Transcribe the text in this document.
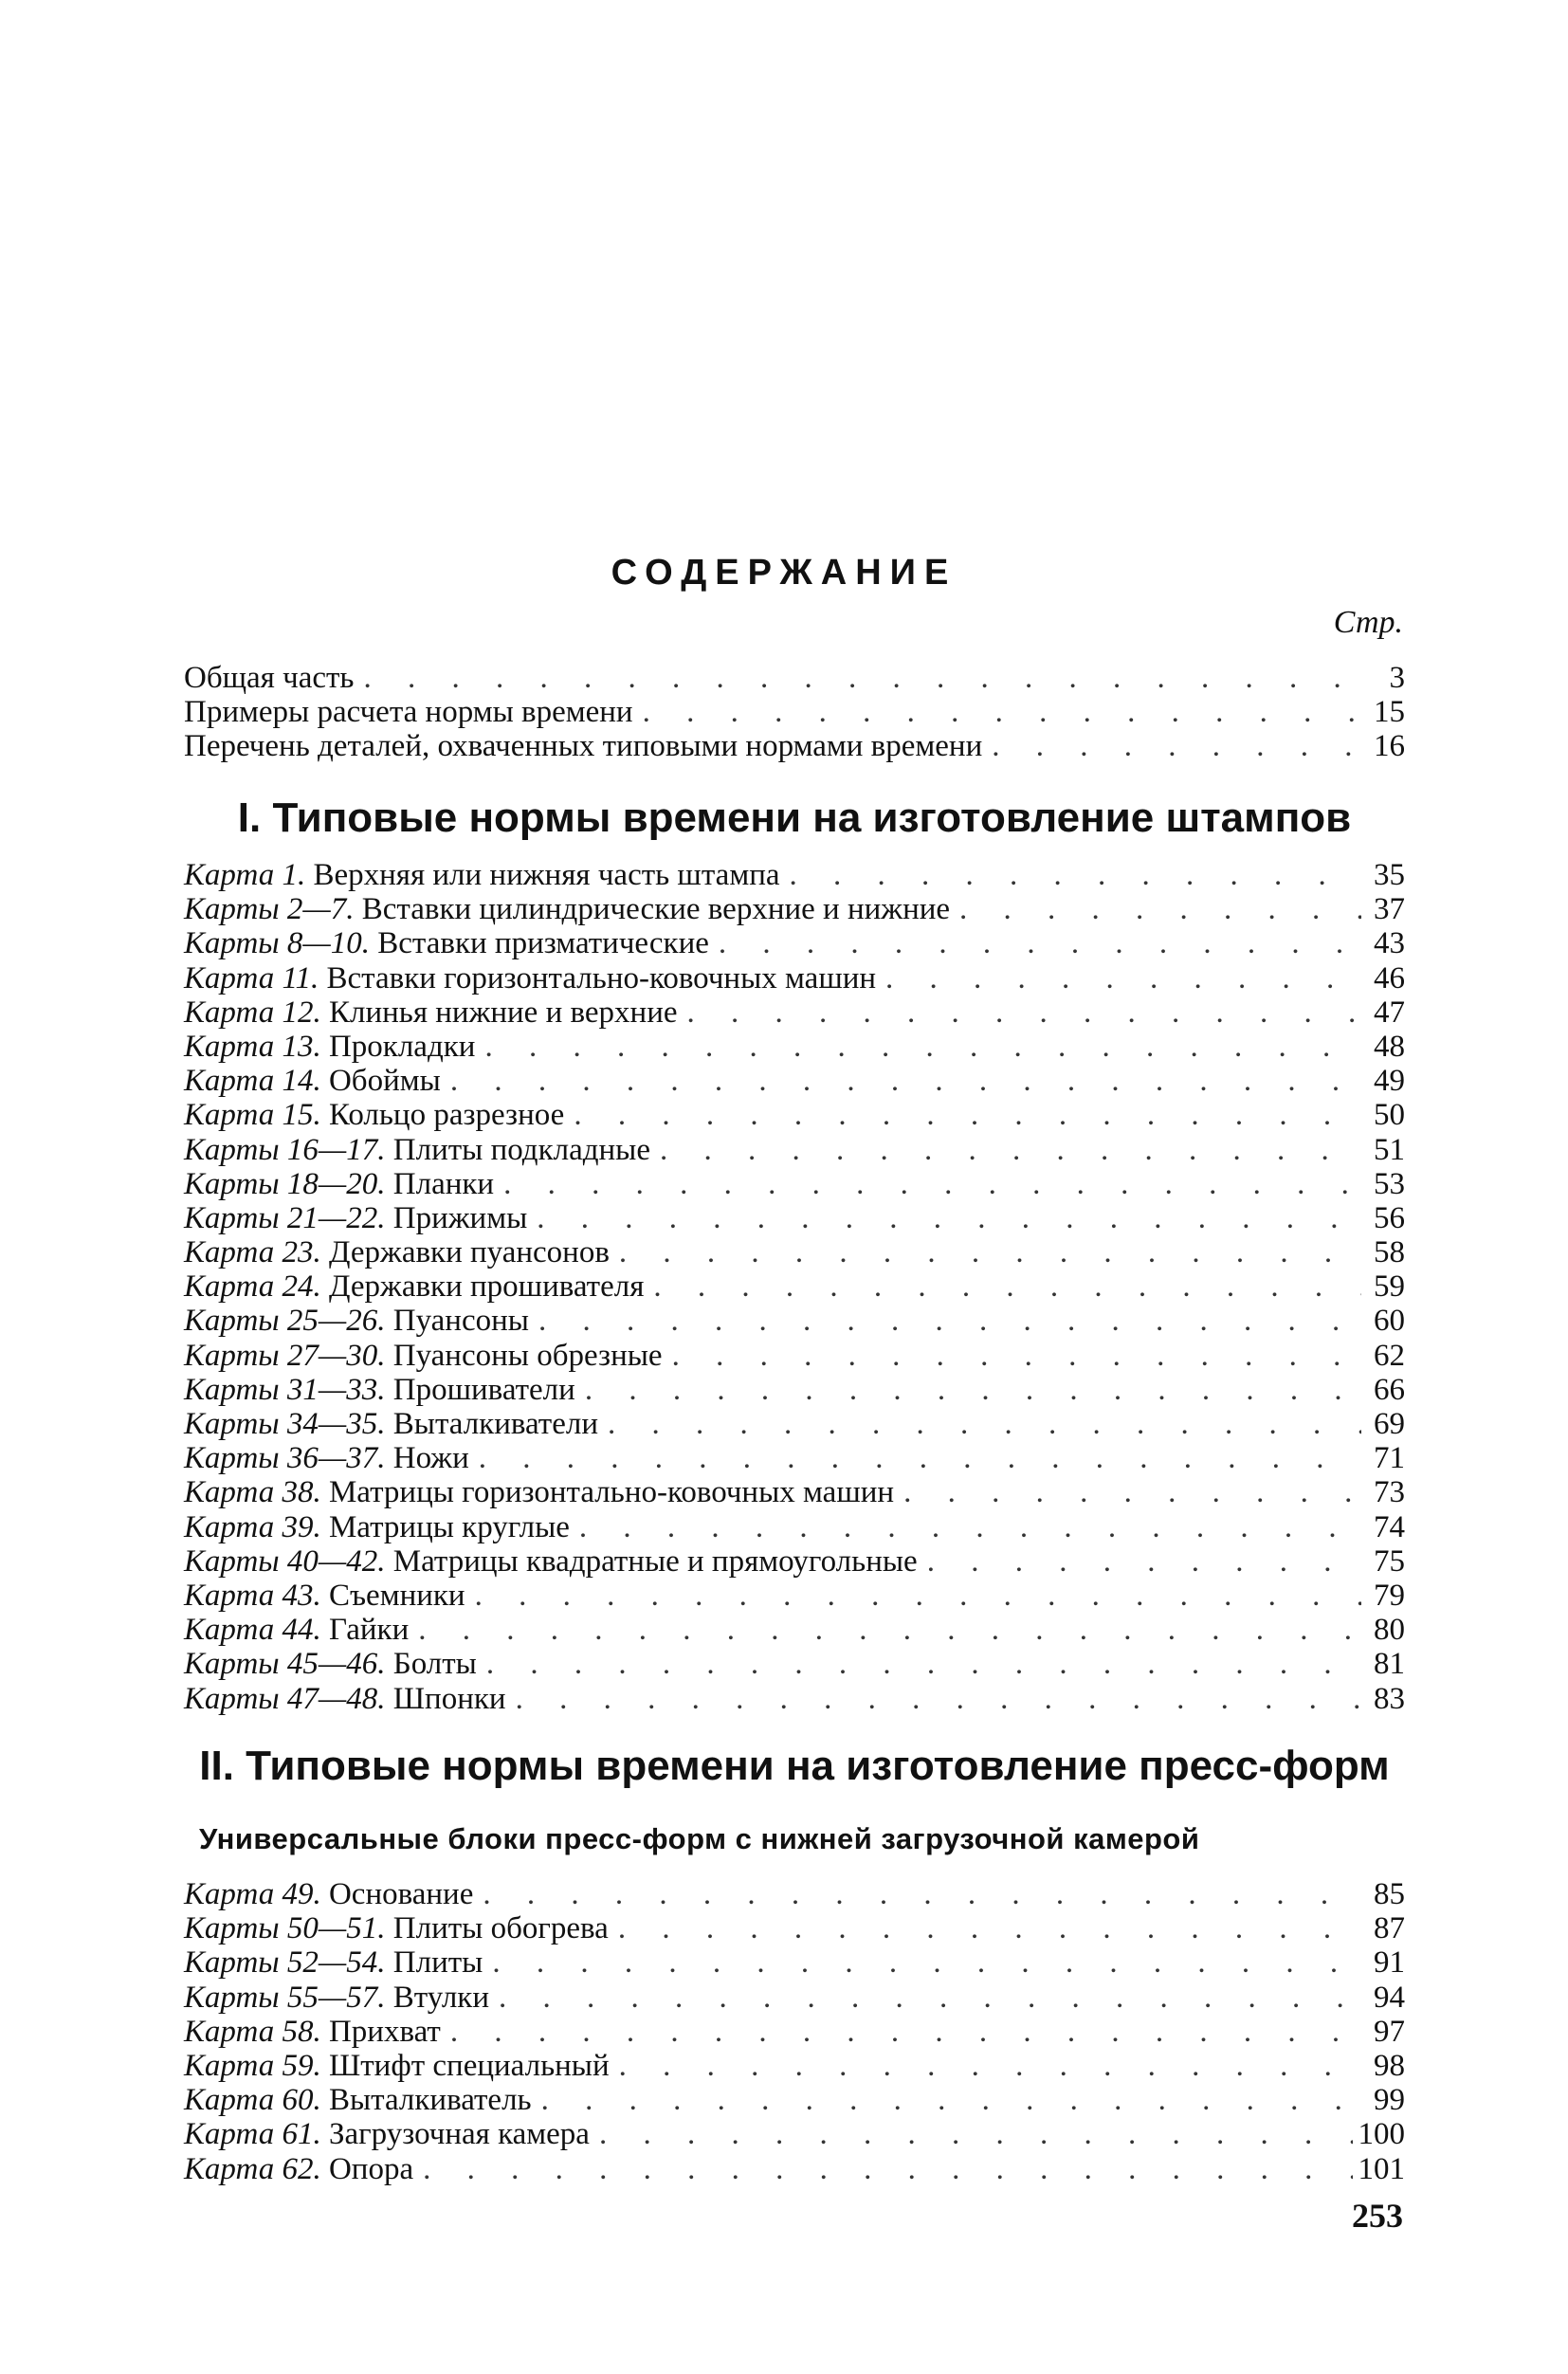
СОДЕРЖАНИЕ
Стр.
Общая часть . . .	3
Примеры расчета нормы времени . . .	15
Перечень деталей, охваченных типовыми нормами времени . . .	16
I. Типовые нормы времени на изготовление штампов
Карта 1. Верхняя или нижняя часть штампа . . .	35
Карты 2—7. Вставки цилиндрические верхние и нижние . . .	37
Карты 8—10. Вставки призматические . . .	43
Карта 11. Вставки горизонтально-ковочных машин . . .	46
Карта 12. Клинья нижние и верхние . . .	47
Карта 13. Прокладки . . .	48
Карта 14. Обоймы . . .	49
Карта 15. Кольцо разрезное . . .	50
Карты 16—17. Плиты подкладные . . .	51
Карты 18—20. Планки . . .	53
Карты 21—22. Прижимы . . .	56
Карта 23. Державки пуансонов . . .	58
Карта 24. Державки прошивателя . . .	59
Карты 25—26. Пуансоны . . .	60
Карты 27—30. Пуансоны обрезные . . .	62
Карты 31—33. Прошиватели . . .	66
Карты 34—35. Выталкиватели . . .	69
Карты 36—37. Ножи . . .	71
Карта 38. Матрицы горизонтально-ковочных машин . . .	73
Карта 39. Матрицы круглые . . .	74
Карты 40—42. Матрицы квадратные и прямоугольные . . .	75
Карта 43. Съемники . . .	79
Карта 44. Гайки . . .	80
Карты 45—46. Болты . . .	81
Карты 47—48. Шпонки . . .	83
II. Типовые нормы времени на изготовление пресс-форм
Универсальные блоки пресс-форм с нижней загрузочной камерой
Карта 49. Основание . . .	85
Карты 50—51. Плиты обогрева . . .	87
Карты 52—54. Плиты . . .	91
Карты 55—57. Втулки . . .	94
Карта 58. Прихват . . .	97
Карта 59. Штифт специальный . . .	98
Карта 60. Выталкиватель . . .	99
Карта 61. Загрузочная камера . . .	100
Карта 62. Опора . . .	101
253
